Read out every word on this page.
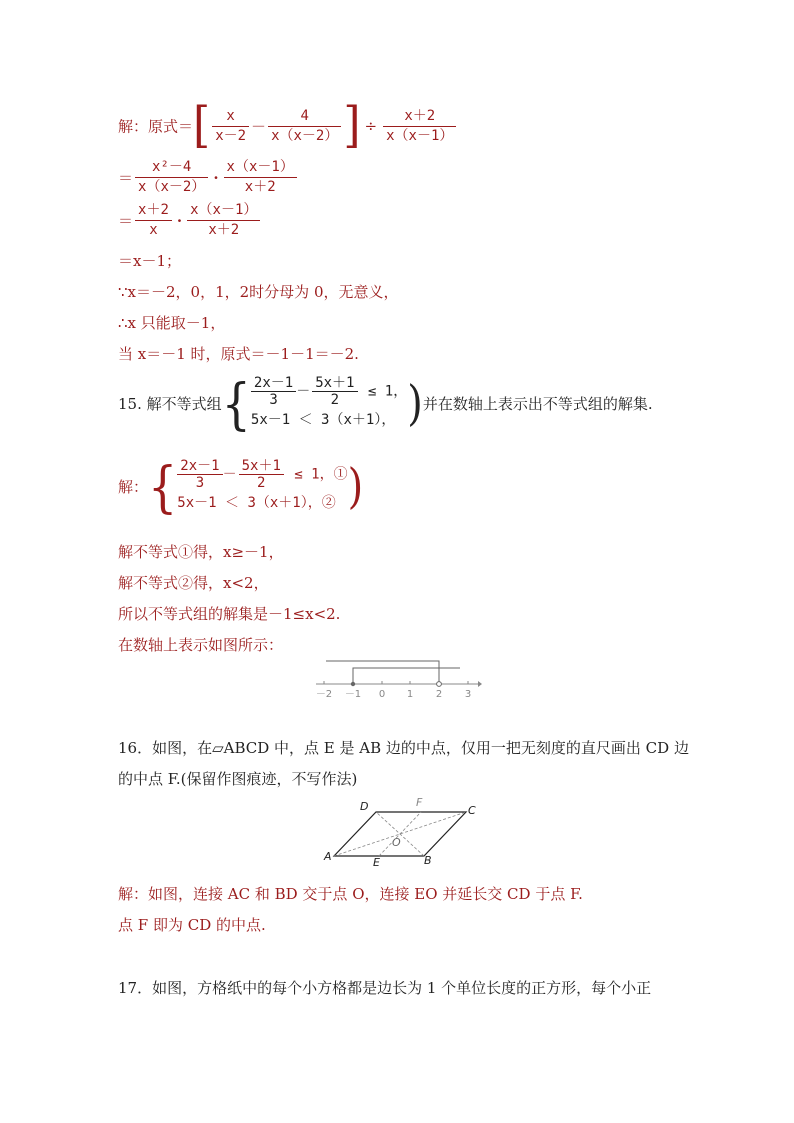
解：原式＝[ $\frac{x}{x-2} - \frac{4}{x(x-2)}$ ] ÷ $\frac{x+2}{x(x-1)}$
＝ $\frac{\text{x²－4}}{x(x-2)} \cdot \frac{x(x-1)}{x+2}$
＝ $\frac{x+2}{x} \cdot \frac{x(x-1)}{x+2}$
＝x－1；
∵x＝－2，0，1，2时分母为 0，无意义，
∴x 只能取－1，
当 x＝－1 时，原式＝－1－1＝－2.
15. 解不等式组{ $\frac{2x-1}{3} - \frac{5x+1}{2} \le 1$，
5x－1 ＜ 3（x＋1）， )并在数轴上表示出不等式组的解集.
解：{ $\frac{2x-1}{3} - \frac{5x+1}{2} \le 1$，①
5x－1 ＜ 3（x＋1），② )
解不等式①得，x≥－1，
解不等式②得，x<2，
所以不等式组的解集是－1≤x<2.
在数轴上表示如图所示：
－2 －1 0 1 2 3
16．如图，在▱ABCD 中，点 E 是 AB 边的中点，仅用一把无刻度的直尺画出 CD 边
的中点 F.(保留作图痕迹，不写作法)
A	B
C
D
E
F
O
解：如图，连接 AC 和 BD 交于点 O，连接 EO 并延长交 CD 于点 F.
点 F 即为 CD 的中点.
17．如图，方格纸中的每个小方格都是边长为 1 个单位长度的正方形，每个小正
